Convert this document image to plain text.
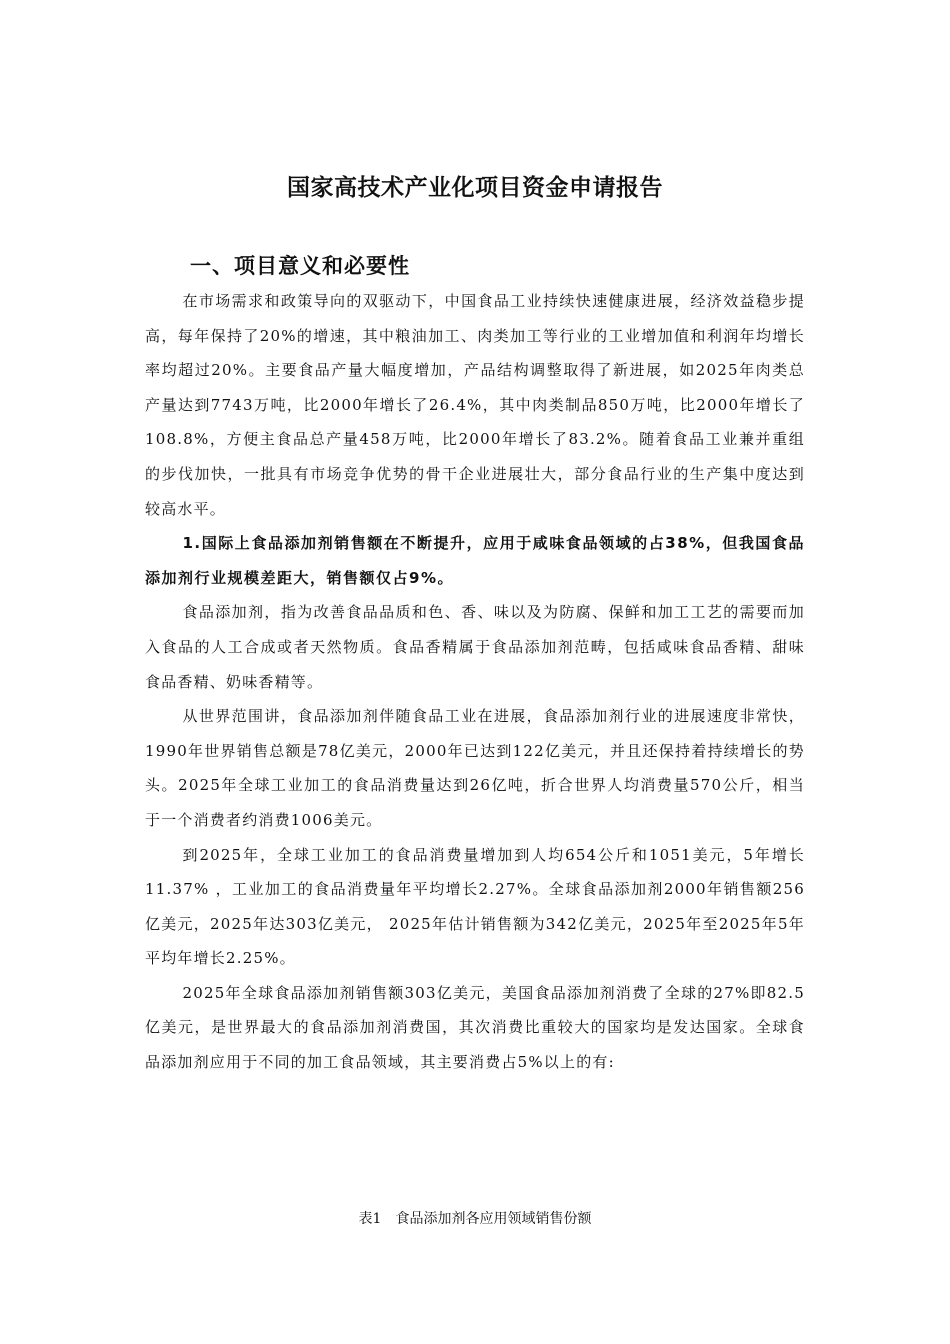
国家高技术产业化项目资金申请报告
一、项目意义和必要性

在市场需求和政策导向的双驱动下，中国食品工业持续快速健康进展，经济效益稳步提高，每年保持了20%的增速，其中粮油加工、肉类加工等行业的工业增加值和利润年均增长率均超过20%。主要食品产量大幅度增加，产品结构调整取得了新进展，如2025年肉类总产量达到7743万吨，比2000年增长了26.4%，其中肉类制品850万吨，比2000年增长了108.8%，方便主食品总产量458万吨，比2000年增长了83.2%。随着食品工业兼并重组的步伐加快，一批具有市场竞争优势的骨干企业进展壮大，部分食品行业的生产集中度达到较高水平。

1.国际上食品添加剂销售额在不断提升，应用于咸味食品领域的占38%，但我国食品添加剂行业规模差距大，销售额仅占9%。

食品添加剂，指为改善食品品质和色、香、味以及为防腐、保鲜和加工工艺的需要而加入食品的人工合成或者天然物质。食品香精属于食品添加剂范畴，包括咸味食品香精、甜味食品香精、奶味香精等。

从世界范围讲，食品添加剂伴随食品工业在进展，食品添加剂行业的进展速度非常快，1990年世界销售总额是78亿美元，2000年已达到122亿美元，并且还保持着持续增长的势头。2025年全球工业加工的食品消费量达到26亿吨，折合世界人均消费量570公斤，相当于一个消费者约消费1006美元。

到2025年，全球工业加工的食品消费量增加到人均654公斤和1051美元，5年增长11.37% ，工业加工的食品消费量年平均增长2.27%。全球食品添加剂2000年销售额256亿美元，2025年达303亿美元， 2025年估计销售额为342亿美元，2025年至2025年5年平均年增长2.25%。

2025年全球食品添加剂销售额303亿美元，美国食品添加剂消费了全球的27%即82.5亿美元，是世界最大的食品添加剂消费国，其次消费比重较大的国家均是发达国家。全球食品添加剂应用于不同的加工食品领域，其主要消费占5%以上的有:

表1　食品添加剂各应用领域销售份额
